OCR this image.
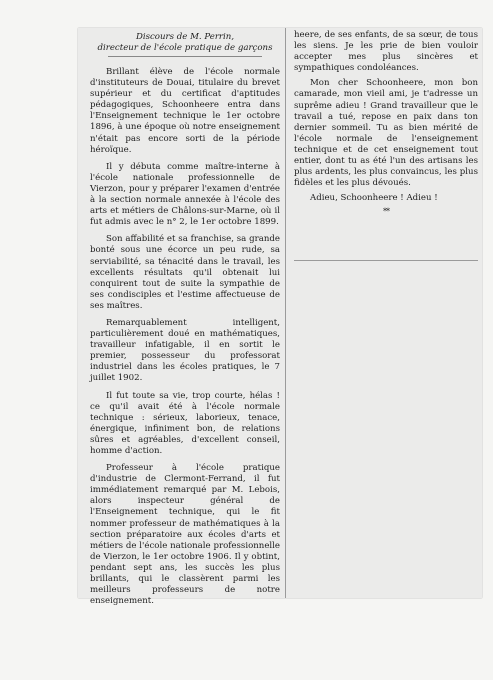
Discours de M. Perrin,
directeur de l'école pratique de garçons

Brillant élève de l'école normale d'instituteurs de Douai, titulaire du brevet supérieur et du certificat d'aptitudes pédagogiques, Schoonheere entra dans l'Enseignement technique le 1er octobre 1896, à une époque où notre enseignement n'était pas encore sorti de la période héroïque.

Il y débuta comme maître-interne à l'école nationale professionnelle de Vierzon, pour y préparer l'examen d'entrée à la section normale annexée à l'école des arts et métiers de Châlons-sur-Marne, où il fut admis avec le n° 2, le 1er octobre 1899.

Son affabilité et sa franchise, sa grande bonté sous une écorce un peu rude, sa serviabilité, sa ténacité dans le travail, les excellents résultats qu'il obtenait lui conquirent tout de suite la sympathie de ses condisciples et l'estime affectueuse de ses maîtres.

Remarquablement intelligent, particulièrement doué en mathématiques, travailleur infatigable, il en sortit le premier, possesseur du professorat industriel dans les écoles pratiques, le 7 juillet 1902.

Il fut toute sa vie, trop courte, hélas ! ce qu'il avait été à l'école normale technique : sérieux, laborieux, tenace, énergique, infiniment bon, de relations sûres et agréables, d'excellent conseil, homme d'action.

Professeur à l'école pratique d'industrie de Clermont-Ferrand, il fut immédiatement remarqué par M. Lebois, alors inspecteur général de l'Enseignement technique, qui le fit nommer professeur de mathématiques à la section préparatoire aux écoles d'arts et métiers de l'école nationale professionnelle de Vierzon, le 1er octobre 1906. Il y obtint, pendant sept ans, les succès les plus brillants, qui le classèrent parmi les meilleurs professeurs de notre enseignement.

heere, de ses enfants, de sa sœur, de tous les siens. Je les prie de bien vouloir accepter mes plus sincères et sympathiques condoléances.

Mon cher Schoonheere, mon bon camarade, mon vieil ami, je t'adresse un suprême adieu ! Grand travailleur que le travail a tué, repose en paix dans ton dernier sommeil. Tu as bien mérité de l'école normale de l'enseignement technique et de cet enseignement tout entier, dont tu as été l'un des artisans les plus ardents, les plus convaincus, les plus fidèles et les plus dévoués.

Adieu, Schoonheere ! Adieu !

**
